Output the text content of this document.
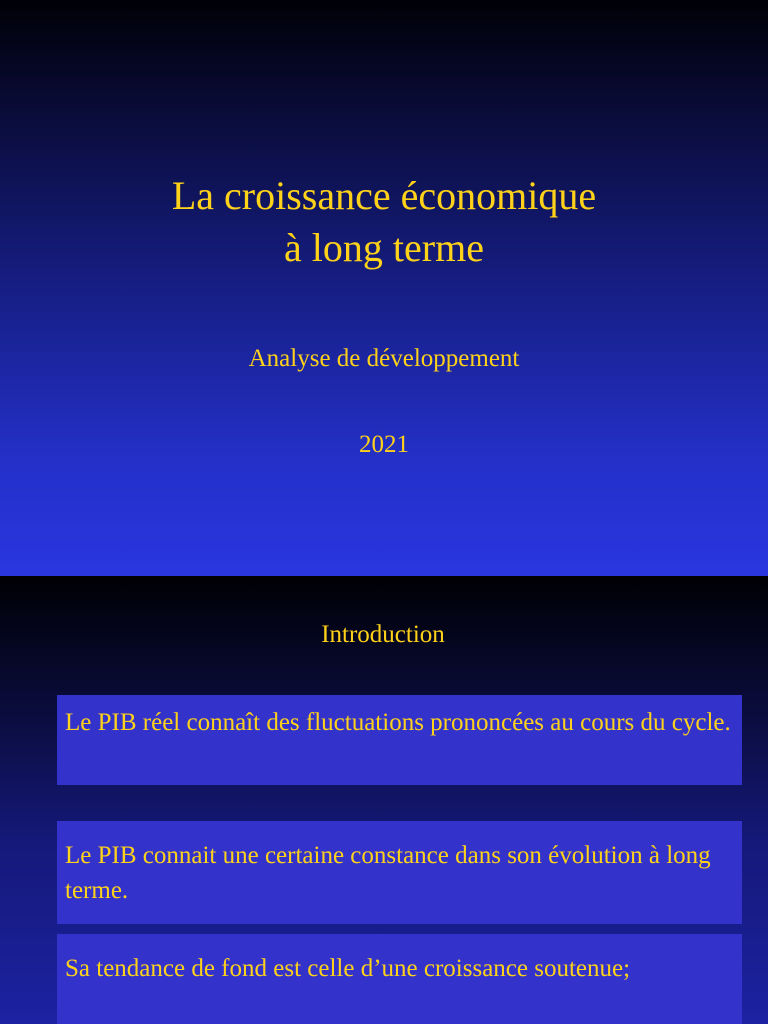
La croissance économique
à long terme
Analyse de développement
2021
Introduction
Le PIB réel connaît des fluctuations prononcées au cours du cycle.
Le PIB connait une certaine constance dans son évolution à long terme.
Sa tendance de fond est celle d’une croissance soutenue;
